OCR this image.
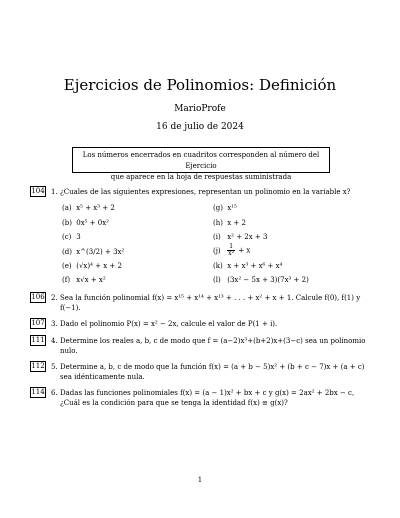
Ejercicios de Polinomios: Definición
MarioProfe
16 de julio de 2024
Los números encerrados en cuadritos corresponden al número del Ejercicio
que aparece en la hoja de respuestas suministrada
104 1. ¿Cuales de las siguientes expresiones, representan un polinomio en la variable x?
(a) x⁵ + x³ + 2
(b) 0x⁵ + 0x²
(c) 3
(d) x^(3/2) + 3x²
(e) (√x)⁴ + x + 2
(f) x√x + x²
(g) x¹⁵
(h) x + 2
(i) x² + 2x + 3
$(j) \frac{1}{\text{x²}} + x$
(k) x + x³ + x⁶ + x⁴
(l) (3x² − 5x + 3)(7x³ + 2)
106 2. Sea la función polinomial f(x) = x¹⁵ + x¹⁴ + x¹³ + . . . + x² + x + 1. Calcule f(0), f(1) y
f(−1).
107 3. Dado el polinomio P(x) = x² − 2x, calcule el valor de P(1 + i).
111 4. Determine los reales a, b, c de modo que f = (a−2)x³+(b+2)x+(3−c) sea un polinomio
nulo.
112 5. Determine a, b, c de modo que la función f(x) = (a + b − 5)x² + (b + c − 7)x + (a + c)
sea idénticamente nula.
114 6. Dadas las funciones polinomiales f(x) = (a − 1)x² + bx + c y g(x) = 2ax² + 2bx − c,
¿Cuál es la condición para que se tenga la identidad f(x) ≡ g(x)?
1
